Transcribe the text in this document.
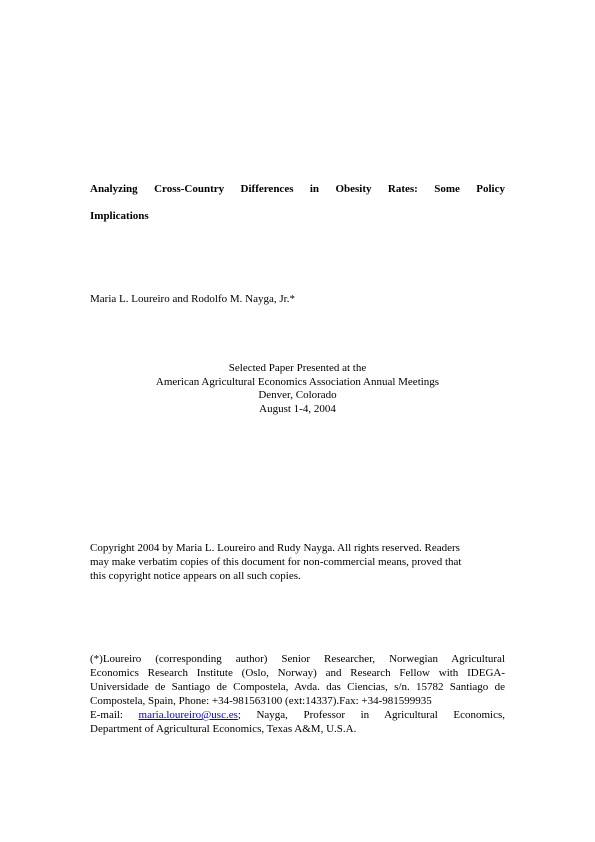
Analyzing Cross-Country Differences in Obesity Rates: Some Policy
Implications
Maria L. Loureiro and Rodolfo M. Nayga, Jr.*
Selected Paper Presented at the
American Agricultural Economics Association Annual Meetings
Denver, Colorado
August 1-4, 2004
Copyright 2004 by Maria L. Loureiro and Rudy Nayga. All rights reserved. Readers
may make verbatim copies of this document for non-commercial means, proved that
this copyright notice appears on all such copies.
(*)Loureiro (corresponding author) Senior Researcher, Norwegian Agricultural
Economics Research Institute (Oslo, Norway) and Research Fellow with IDEGA-
Universidade de Santiago de Compostela, Avda. das Ciencias, s/n. 15782 Santiago de
Compostela, Spain, Phone: +34-981563100 (ext:14337).Fax: +34-981599935
E-mail: maria.loureiro@usc.es; Nayga, Professor in Agricultural Economics,
Department of Agricultural Economics, Texas A&M, U.S.A.
